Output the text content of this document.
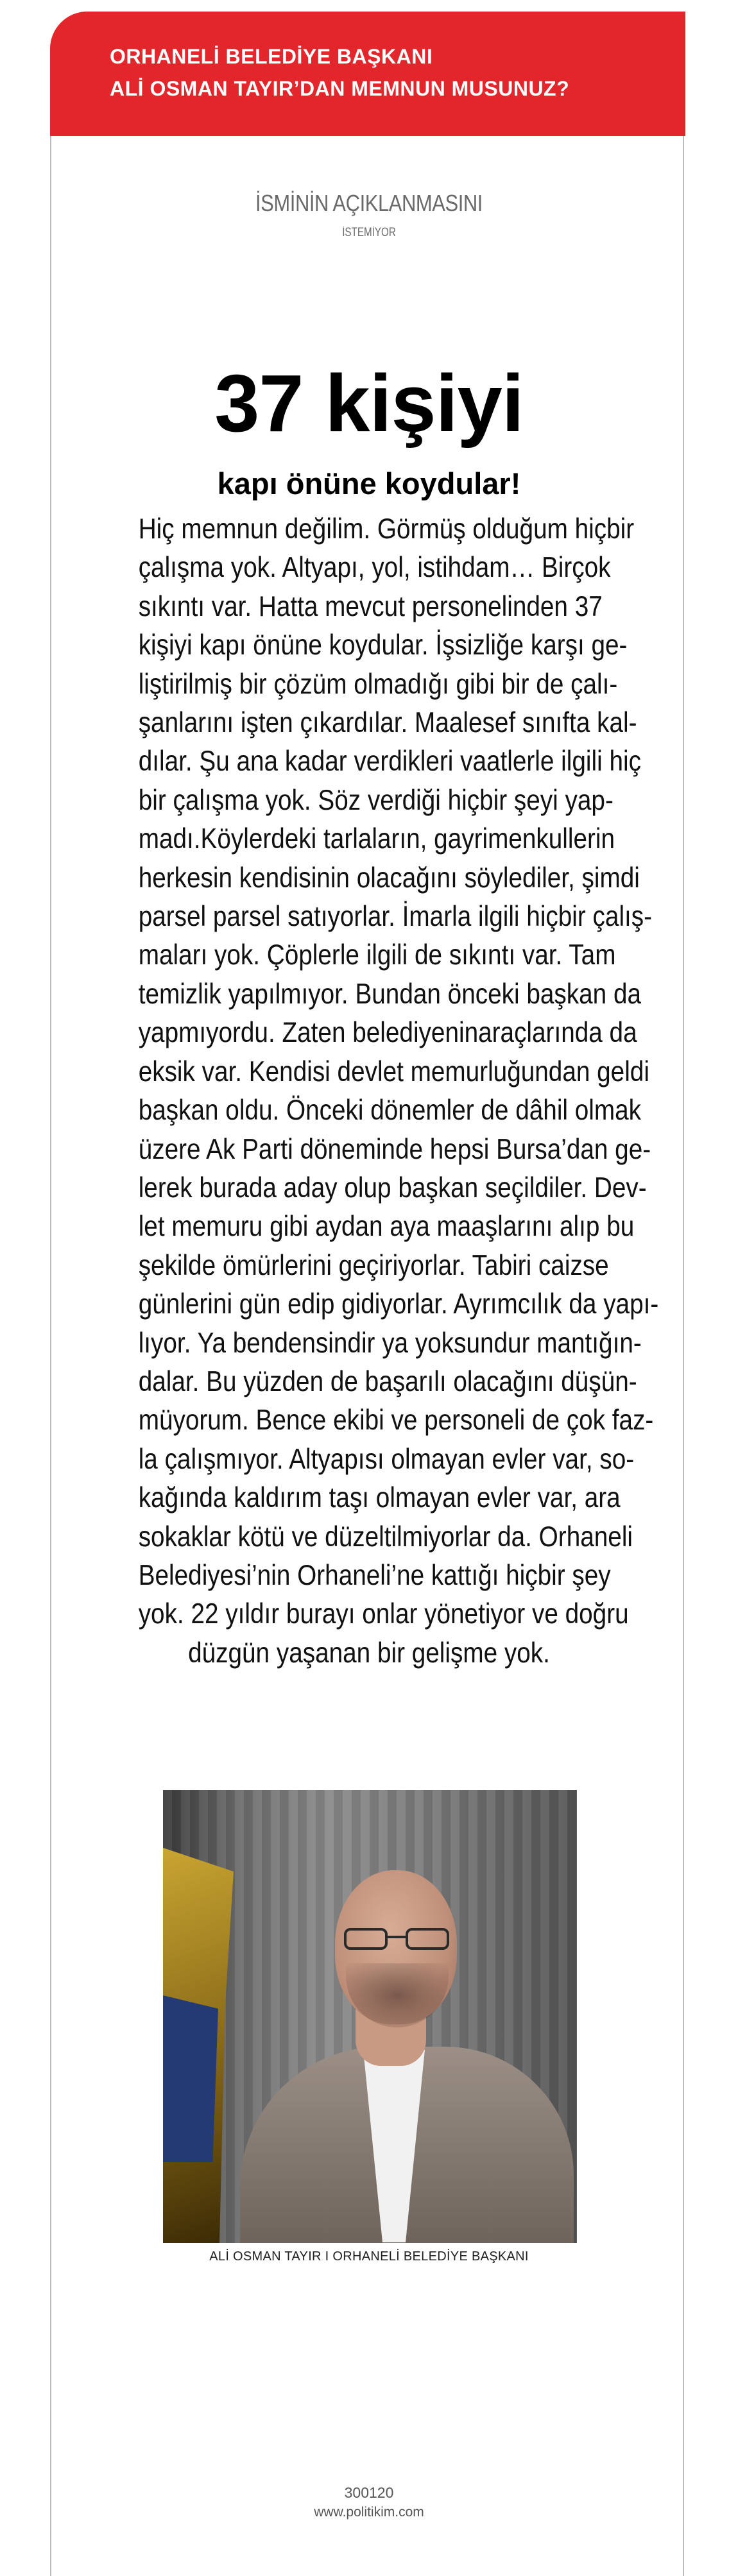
ORHANELİ BELEDİYE BAŞKANI
ALİ OSMAN TAYIR’DAN MEMNUN MUSUNUZ?
İSMİNİN AÇIKLANMASINI
İSTEMİYOR
37 kişiyi
kapı önüne koydular!
Hiç memnun değilim. Görmüş olduğum hiçbir
çalışma yok. Altyapı, yol, istihdam… Birçok
sıkıntı var. Hatta mevcut personelinden 37
kişiyi kapı önüne koydular. İşsizliğe karşı ge-
liştirilmiş bir çözüm olmadığı gibi bir de çalı-
şanlarını işten çıkardılar. Maalesef sınıfta kal-
dılar. Şu ana kadar verdikleri vaatlerle ilgili hiç
bir çalışma yok. Söz verdiği hiçbir şeyi yap-
madı.Köylerdeki tarlaların, gayrimenkullerin
herkesin kendisinin olacağını söylediler, şimdi
parsel parsel satıyorlar. İmarla ilgili hiçbir çalış-
maları yok. Çöplerle ilgili de sıkıntı var. Tam
temizlik yapılmıyor. Bundan önceki başkan da
yapmıyordu. Zaten belediyeninaraçlarında da
eksik var. Kendisi devlet memurluğundan geldi
başkan oldu. Önceki dönemler de dâhil olmak
üzere Ak Parti döneminde hepsi Bursa’dan ge-
lerek burada aday olup başkan seçildiler. Dev-
let memuru gibi aydan aya maaşlarını alıp bu
şekilde ömürlerini geçiriyorlar. Tabiri caizse
günlerini gün edip gidiyorlar. Ayrımcılık da yapı-
lıyor. Ya bendensindir ya yoksundur mantığın-
dalar. Bu yüzden de başarılı olacağını düşün-
müyorum. Bence ekibi ve personeli de çok faz-
la çalışmıyor. Altyapısı olmayan evler var, so-
kağında kaldırım taşı olmayan evler var, ara
sokaklar kötü ve düzeltilmiyorlar da. Orhaneli
Belediyesi’nin Orhaneli’ne kattığı hiçbir şey
yok. 22 yıldır burayı onlar yönetiyor ve doğru
düzgün yaşanan bir gelişme yok.
ALİ OSMAN TAYIR I ORHANELİ BELEDİYE BAŞKANI
300120
www.politikim.com
